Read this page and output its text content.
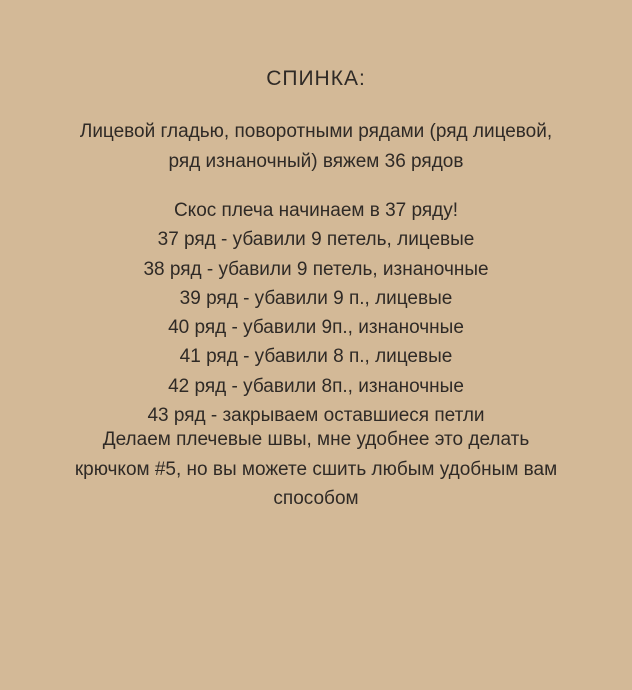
СПИНКА:
Лицевой гладью, поворотными рядами (ряд лицевой,
ряд изнаночный) вяжем 36 рядов
Скос плеча начинаем в 37 ряду!
37 ряд - убавили 9 петель, лицевые
38 ряд - убавили 9 петель, изнаночные
39 ряд - убавили 9 п., лицевые
40 ряд - убавили 9п., изнаночные
41 ряд - убавили 8 п., лицевые
42 ряд - убавили 8п., изнаночные
43 ряд - закрываем оставшиеся петли
Делаем плечевые швы, мне удобнее это делать
крючком #5, но вы можете сшить любым удобным вам
способом
